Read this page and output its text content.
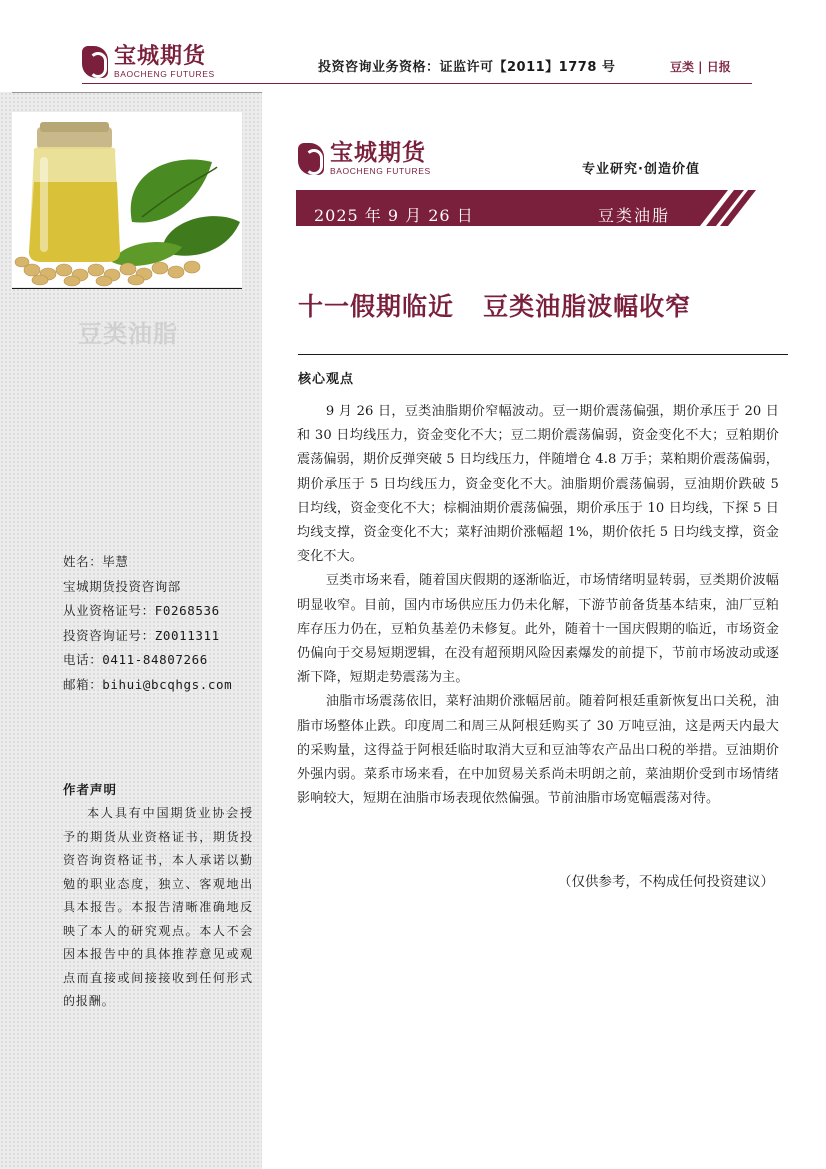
宝城期货
BAOCHENG FUTURES	投资咨询业务资格：证监许可【2011】1778 号	豆类 | 日报
豆类油脂
姓名：毕慧
宝城期货投资咨询部
从业资格证号：F0268536
投资咨询证号：Z0011311
电话：0411-84807266
邮箱：bihui@bcqhgs.com
作者声明
本人具有中国期货业协会授予的期货从业资格证书，期货投资咨询资格证书，本人承诺以勤勉的职业态度，独立、客观地出具本报告。本报告清晰准确地反映了本人的研究观点。本人不会因本报告中的具体推荐意见或观点而直接或间接接收到任何形式的报酬。
宝城期货
BAOCHENG FUTURES	专业研究·创造价值
2025 年 9 月 26 日	豆类油脂
十一假期临近   豆类油脂波幅收窄
核心观点

9 月 26 日，豆类油脂期价窄幅波动。豆一期价震荡偏强，期价承压于 20 日和 30 日均线压力，资金变化不大；豆二期价震荡偏弱，资金变化不大；豆粕期价震荡偏弱，期价反弹突破 5 日均线压力，伴随增仓 4.8 万手；菜粕期价震荡偏弱，期价承压于 5 日均线压力，资金变化不大。油脂期价震荡偏弱，豆油期价跌破 5 日均线，资金变化不大；棕榈油期价震荡偏强，期价承压于 10 日均线，下探 5 日均线支撑，资金变化不大；菜籽油期价涨幅超 1%，期价依托 5 日均线支撑，资金变化不大。

豆类市场来看，随着国庆假期的逐渐临近，市场情绪明显转弱，豆类期价波幅明显收窄。目前，国内市场供应压力仍未化解，下游节前备货基本结束，油厂豆粕库存压力仍在，豆粕负基差仍未修复。此外，随着十一国庆假期的临近，市场资金仍偏向于交易短期逻辑，在没有超预期风险因素爆发的前提下，节前市场波动或逐渐下降，短期走势震荡为主。

油脂市场震荡依旧，菜籽油期价涨幅居前。随着阿根廷重新恢复出口关税，油脂市场整体止跌。印度周二和周三从阿根廷购买了 30 万吨豆油，这是两天内最大的采购量，这得益于阿根廷临时取消大豆和豆油等农产品出口税的举措。豆油期价外强内弱。菜系市场来看，在中加贸易关系尚未明朗之前，菜油期价受到市场情绪影响较大，短期在油脂市场表现依然偏强。节前油脂市场宽幅震荡对待。

（仅供参考，不构成任何投资建议）
